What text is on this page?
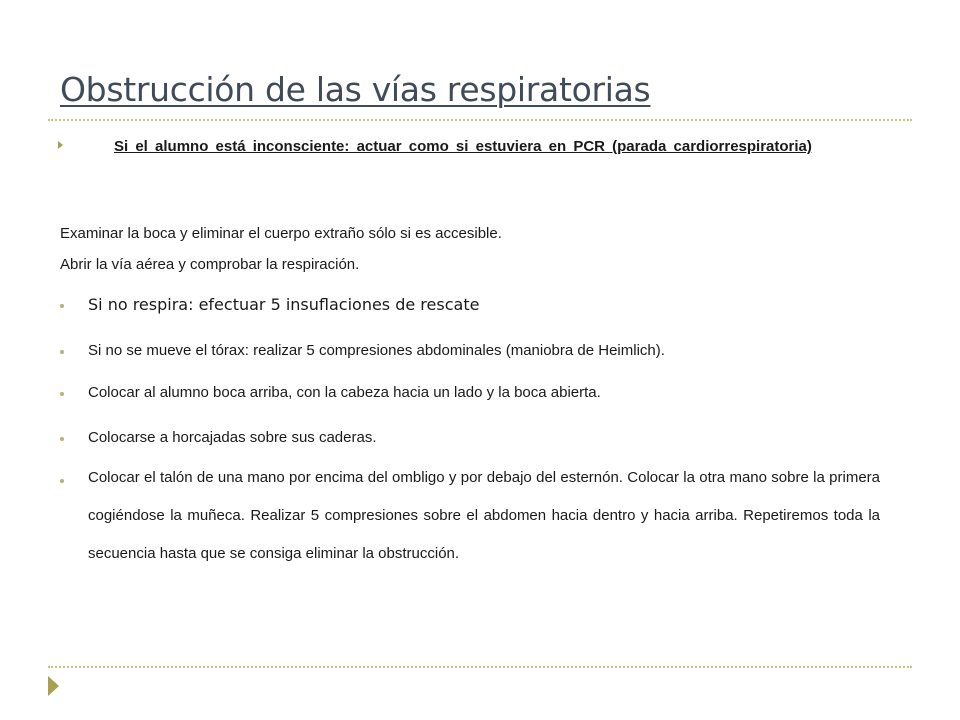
Obstrucción de las vías respiratorias
Si el alumno está inconsciente: actuar como si estuviera en PCR (parada cardiorrespiratoria)
Examinar la boca y eliminar el cuerpo extraño sólo si es accesible.
Abrir la vía aérea y comprobar la respiración.
Si no respira: efectuar 5 insuflaciones de rescate
Si no se mueve el tórax: realizar 5 compresiones abdominales (maniobra de Heimlich).
Colocar al alumno boca arriba, con la cabeza hacia un lado y la boca abierta.
Colocarse a horcajadas sobre sus caderas.
Colocar el talón de una mano por encima del ombligo y por debajo del esternón. Colocar la otra mano sobre la primera cogiéndose la muñeca. Realizar 5 compresiones sobre el abdomen hacia dentro y hacia arriba. Repetiremos toda la secuencia hasta que se consiga eliminar la obstrucción.
